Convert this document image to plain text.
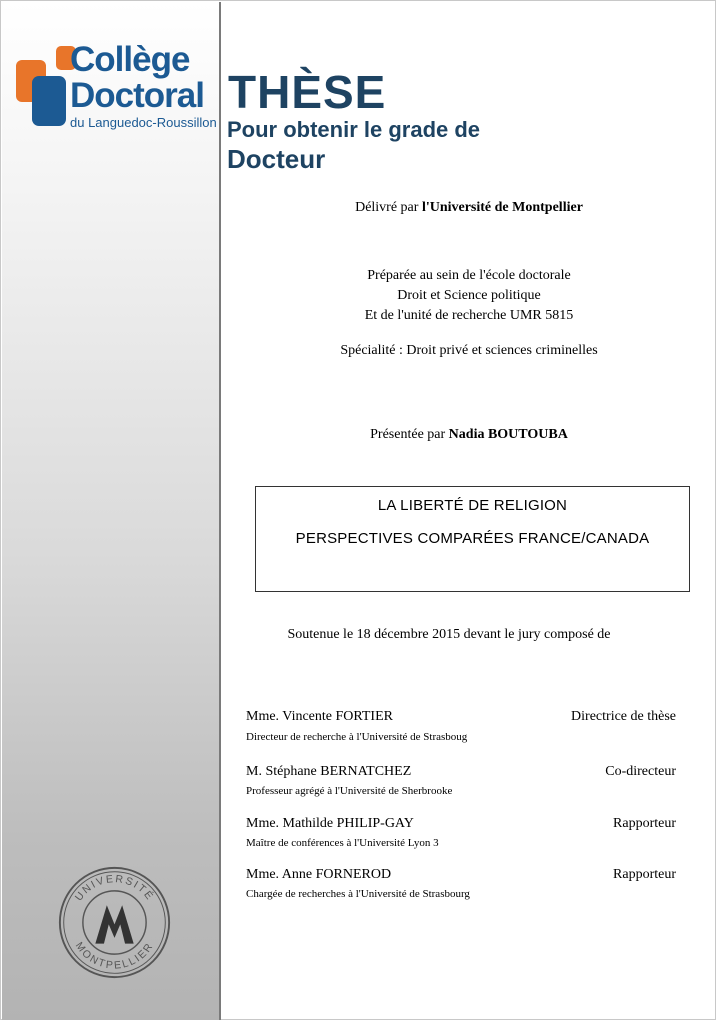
Collège
Doctoral
du Languedoc-Roussillon
UNIVERSITÉ
MONTPELLIER
THÈSE
Pour obtenir le grade de
Docteur
Délivré par l'Université de Montpellier
Préparée au sein de l'école doctorale
Droit et Science politique
Et de l'unité de recherche UMR 5815
Spécialité : Droit privé et sciences criminelles
Présentée par Nadia BOUTOUBA
LA LIBERTÉ DE RELIGION
PERSPECTIVES COMPARÉES FRANCE/CANADA
Soutenue le 18 décembre 2015 devant le jury composé de
Mme. Vincente FORTIER	Directrice de thèse
Directeur de recherche à l'Université de Strasboug
M. Stéphane BERNATCHEZ	Co-directeur
Professeur agrégé à l'Université de Sherbrooke
Mme. Mathilde PHILIP-GAY	Rapporteur
Maître de conférences à l'Université Lyon 3
Mme. Anne FORNEROD	Rapporteur
Chargée de recherches à l'Université de Strasbourg
